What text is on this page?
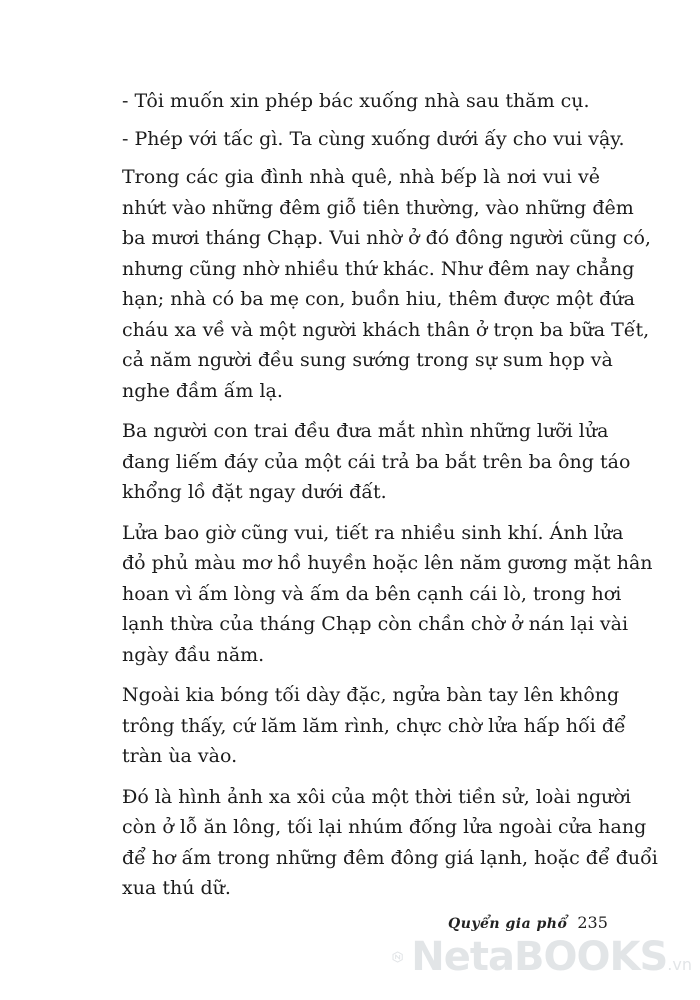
- Tôi muốn xin phép bác xuống nhà sau thăm cụ.
- Phép với tấc gì. Ta cùng xuống dưới ấy cho vui vậy.
Trong các gia đình nhà quê, nhà bếp là nơi vui vẻ
nhứt vào những đêm giỗ tiên thường, vào những đêm
ba mươi tháng Chạp. Vui nhờ ở đó đông người cũng có,
nhưng cũng nhờ nhiều thứ khác. Như đêm nay chẳng
hạn; nhà có ba mẹ con, buồn hiu, thêm được một đứa
cháu xa về và một người khách thân ở trọn ba bữa Tết,
cả năm người đều sung sướng trong sự sum họp và
nghe đầm ấm lạ.
Ba người con trai đều đưa mắt nhìn những lưỡi lửa
đang liếm đáy của một cái trả ba bắt trên ba ông táo
khổng lồ đặt ngay dưới đất.
Lửa bao giờ cũng vui, tiết ra nhiều sinh khí. Ánh lửa
đỏ phủ màu mơ hồ huyền hoặc lên năm gương mặt hân
hoan vì ấm lòng và ấm da bên cạnh cái lò, trong hơi
lạnh thừa của tháng Chạp còn chần chờ ở nán lại vài
ngày đầu năm.
Ngoài kia bóng tối dày đặc, ngửa bàn tay lên không
trông thấy, cứ lăm lăm rình, chực chờ lửa hấp hối để
tràn ùa vào.
Đó là hình ảnh xa xôi của một thời tiền sử, loài người
còn ở lỗ ăn lông, tối lại nhúm đống lửa ngoài cửa hang
để hơ ấm trong những đêm đông giá lạnh, hoặc để đuổi
xua thú dữ.
Quyển gia phổ 235
NetaBOOKS.vn
